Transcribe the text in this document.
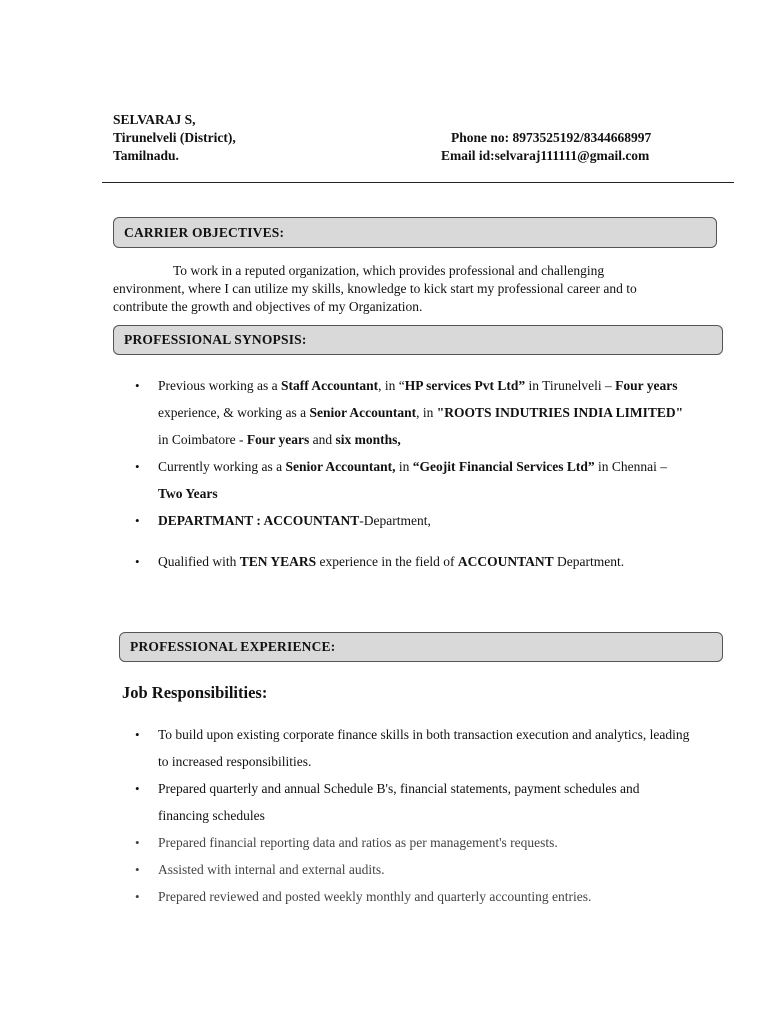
SELVARAJ S,
Tirunelveli (District),
Tamilnadu.
Phone no: 8973525192/8344668997
Email id:selvaraj111111@gmail.com
CARRIER OBJECTIVES:
To work in a reputed organization, which provides professional and challenging environment, where I can utilize my skills, knowledge to kick start my professional career and to contribute the growth and objectives of my Organization.
PROFESSIONAL SYNOPSIS:
• Previous working as a Staff Accountant, in “HP services Pvt Ltd” in Tirunelveli – Four years experience, & working as a Senior Accountant, in "ROOTS INDUTRIES INDIA LIMITED" in Coimbatore - Four years and six months,
• Currently working as a Senior Accountant, in “Geojit Financial Services Ltd” in Chennai –Two Years
• DEPARTMANT : ACCOUNTANT-Department,
• Qualified with TEN YEARS experience in the field of ACCOUNTANT Department.
PROFESSIONAL EXPERIENCE:
Job Responsibilities:
• To build upon existing corporate finance skills in both transaction execution and analytics, leading to increased responsibilities.
• Prepared quarterly and annual Schedule B's, financial statements, payment schedules and financing schedules
• Prepared financial reporting data and ratios as per management's requests.
• Assisted with internal and external audits.
• Prepared reviewed and posted weekly monthly and quarterly accounting entries.
